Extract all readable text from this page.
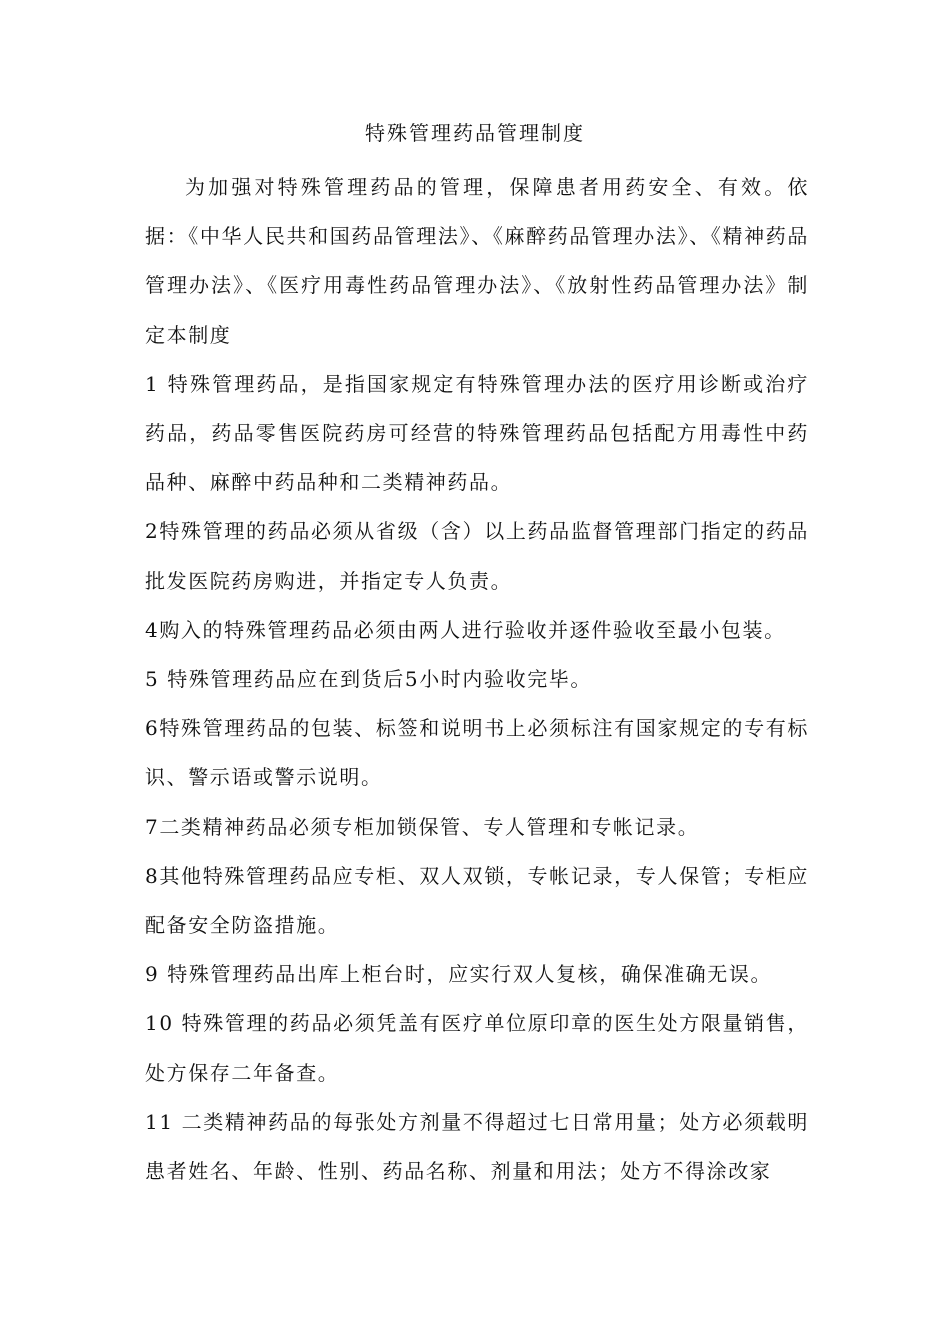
特殊管理药品管理制度

为加强对特殊管理药品的管理，保障患者用药安全、有效。依据：《中华人民共和国药品管理法》、《麻醉药品管理办法》、《精神药品管理办法》、《医疗用毒性药品管理办法》、《放射性药品管理办法》制定本制度

1 特殊管理药品，是指国家规定有特殊管理办法的医疗用诊断或治疗药品，药品零售医院药房可经营的特殊管理药品包括配方用毒性中药品种、麻醉中药品种和二类精神药品。

2特殊管理的药品必须从省级（含）以上药品监督管理部门指定的药品批发医院药房购进，并指定专人负责。

4购入的特殊管理药品必须由两人进行验收并逐件验收至最小包装。

5 特殊管理药品应在到货后5小时内验收完毕。

6特殊管理药品的包装、标签和说明书上必须标注有国家规定的专有标识、警示语或警示说明。

7二类精神药品必须专柜加锁保管、专人管理和专帐记录。

8其他特殊管理药品应专柜、双人双锁，专帐记录，专人保管；专柜应配备安全防盗措施。

9 特殊管理药品出库上柜台时，应实行双人复核，确保准确无误。

10 特殊管理的药品必须凭盖有医疗单位原印章的医生处方限量销售，处方保存二年备查。

11 二类精神药品的每张处方剂量不得超过七日常用量；处方必须载明患者姓名、年龄、性别、药品名称、剂量和用法；处方不得涂改家
